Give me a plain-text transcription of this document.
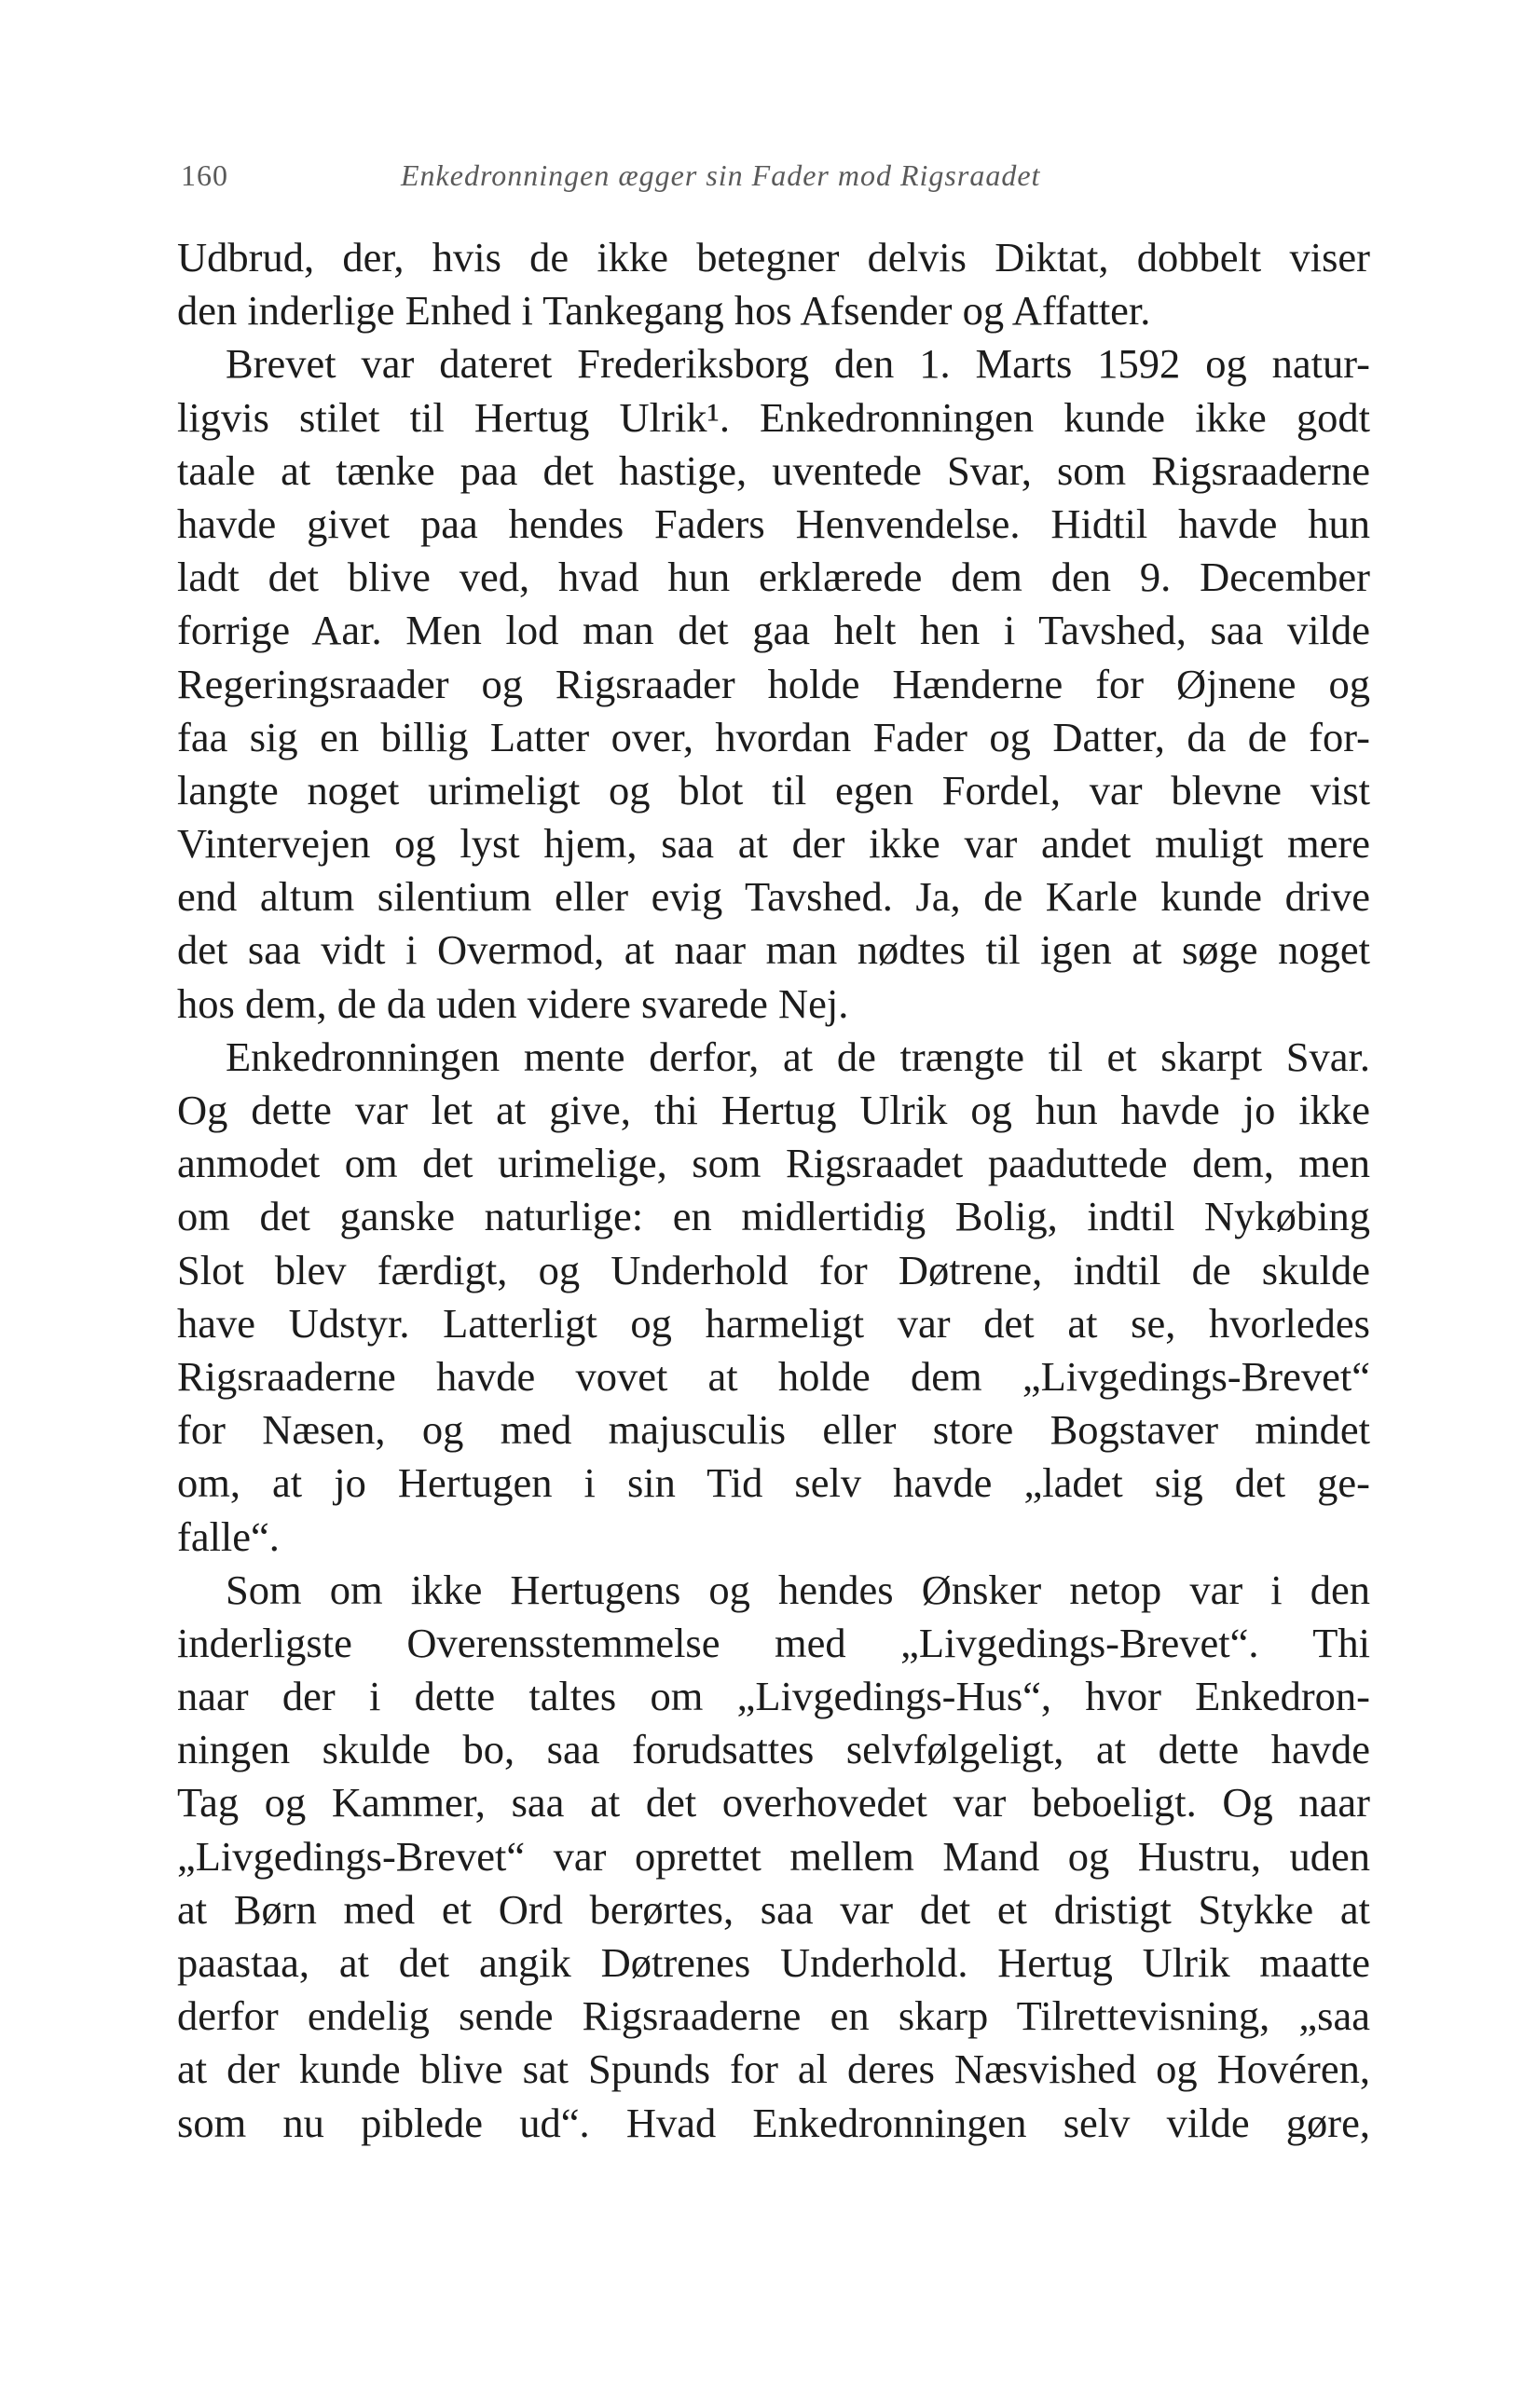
160	Enkedronningen ægger sin Fader mod Rigsraadet
Udbrud, der, hvis de ikke betegner delvis Diktat, dobbelt viser
den inderlige Enhed i Tankegang hos Afsender og Affatter.
Brevet var dateret Frederiksborg den 1. Marts 1592 og natur-
ligvis stilet til Hertug Ulrik¹. Enkedronningen kunde ikke godt
taale at tænke paa det hastige, uventede Svar, som Rigsraaderne
havde givet paa hendes Faders Henvendelse. Hidtil havde hun
ladt det blive ved, hvad hun erklærede dem den 9. December
forrige Aar. Men lod man det gaa helt hen i Tavshed, saa vilde
Regeringsraader og Rigsraader holde Hænderne for Øjnene og
faa sig en billig Latter over, hvordan Fader og Datter, da de for-
langte noget urimeligt og blot til egen Fordel, var blevne vist
Vintervejen og lyst hjem, saa at der ikke var andet muligt mere
end altum silentium eller evig Tavshed. Ja, de Karle kunde drive
det saa vidt i Overmod, at naar man nødtes til igen at søge noget
hos dem, de da uden videre svarede Nej.
Enkedronningen mente derfor, at de trængte til et skarpt Svar.
Og dette var let at give, thi Hertug Ulrik og hun havde jo ikke
anmodet om det urimelige, som Rigsraadet paaduttede dem, men
om det ganske naturlige: en midlertidig Bolig, indtil Nykøbing
Slot blev færdigt, og Underhold for Døtrene, indtil de skulde
have Udstyr. Latterligt og harmeligt var det at se, hvorledes
Rigsraaderne havde vovet at holde dem „Livgedings-Brevet“
for Næsen, og med majusculis eller store Bogstaver mindet
om, at jo Hertugen i sin Tid selv havde „ladet sig det ge-
falle“.
Som om ikke Hertugens og hendes Ønsker netop var i den
inderligste Overensstemmelse med „Livgedings-Brevet“. Thi
naar der i dette taltes om „Livgedings-Hus“, hvor Enkedron-
ningen skulde bo, saa forudsattes selvfølgeligt, at dette havde
Tag og Kammer, saa at det overhovedet var beboeligt. Og naar
„Livgedings-Brevet“ var oprettet mellem Mand og Hustru, uden
at Børn med et Ord berørtes, saa var det et dristigt Stykke at
paastaa, at det angik Døtrenes Underhold. Hertug Ulrik maatte
derfor endelig sende Rigsraaderne en skarp Tilrettevisning, „saa
at der kunde blive sat Spunds for al deres Næsvished og Hovéren,
som nu piblede ud“. Hvad Enkedronningen selv vilde gøre,
